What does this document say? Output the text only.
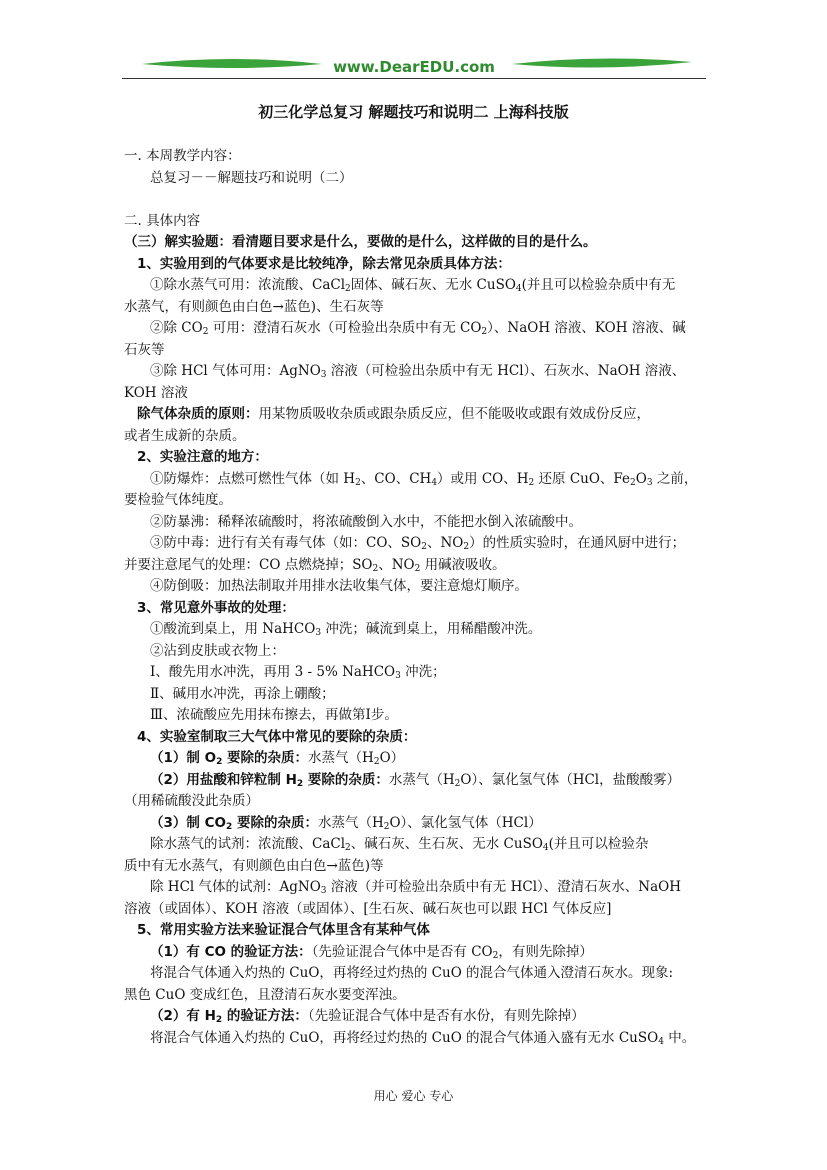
www.DearEDU.com
初三化学总复习 解题技巧和说明二 上海科技版
一. 本周教学内容：
总复习－－解题技巧和说明（二）
二. 具体内容
（三）解实验题：看清题目要求是什么，要做的是什么，这样做的目的是什么。
1、实验用到的气体要求是比较纯净，除去常见杂质具体方法：
①除水蒸气可用：浓流酸、CaCl$_2$固体、碱石灰、无水 CuSO$_4$(并且可以检验杂质中有无
水蒸气，有则颜色由白色→蓝色)、生石灰等
②除 $CO_2$ 可用：澄清石灰水（可检验出杂质中有无 $CO_2$）、NaOH 溶液、KOH 溶液、碱
石灰等
③除 HCl 气体可用：AgNO$_3$ 溶液（可检验出杂质中有无 HCl）、石灰水、NaOH 溶液、
KOH 溶液
除气体杂质的原则：用某物质吸收杂质或跟杂质反应，但不能吸收或跟有效成份反应，
或者生成新的杂质。
2、实验注意的地方：
①防爆炸：点燃可燃性气体（如 $H_2$、CO、$CH_4$）或用 CO、$H_2$ 还原 CuO、$Fe_2O_3$ 之前，
要检验气体纯度。
②防暴沸：稀释浓硫酸时，将浓硫酸倒入水中，不能把水倒入浓硫酸中。
③防中毒：进行有关有毒气体（如：CO、$SO_2$、$NO_2$）的性质实验时，在通风厨中进行；
并要注意尾气的处理：CO 点燃烧掉；$SO_2$、$NO_2$ 用碱液吸收。
④防倒吸：加热法制取并用排水法收集气体，要注意熄灯顺序。
3、常见意外事故的处理：
①酸流到桌上，用 NaHCO$_3$ 冲洗；碱流到桌上，用稀醋酸冲洗。
②沾到皮肤或衣物上：
Ⅰ、酸先用水冲洗，再用 3 - 5% NaHCO$_3$ 冲洗；
Ⅱ、碱用水冲洗，再涂上硼酸；
Ⅲ、浓硫酸应先用抹布擦去，再做第Ⅰ步。
4、实验室制取三大气体中常见的要除的杂质：
（1）制 $O_2$ 要除的杂质：水蒸气$(H_2O)$
（2）用盐酸和锌粒制 $H_2$ 要除的杂质：水蒸气$(H_2O)$、氯化氢气体（HCl，盐酸酸雾）
（用稀硫酸没此杂质）
（3）制 $CO_2$ 要除的杂质：水蒸气$(H_2O)$、氯化氢气体（HCl）
除水蒸气的试剂：浓流酸、CaCl$_2$、碱石灰、生石灰、无水 CuSO$_4$(并且可以检验杂
质中有无水蒸气，有则颜色由白色→蓝色)等
除 HCl 气体的试剂：AgNO$_3$ 溶液（并可检验出杂质中有无 HCl）、澄清石灰水、NaOH
溶液（或固体）、KOH 溶液（或固体）、[生石灰、碱石灰也可以跟 HCl 气体反应]
5、常用实验方法来验证混合气体里含有某种气体
（1）有 CO 的验证方法：（先验证混合气体中是否有 $CO_2$，有则先除掉）
将混合气体通入灼热的 CuO，再将经过灼热的 CuO 的混合气体通入澄清石灰水。现象:
黑色 CuO 变成红色，且澄清石灰水要变浑浊。
（2）有 $H_2$ 的验证方法：（先验证混合气体中是否有水份，有则先除掉）
将混合气体通入灼热的 CuO，再将经过灼热的 CuO 的混合气体通入盛有无水 CuSO$_4$ 中。
用心 爱心 专心
